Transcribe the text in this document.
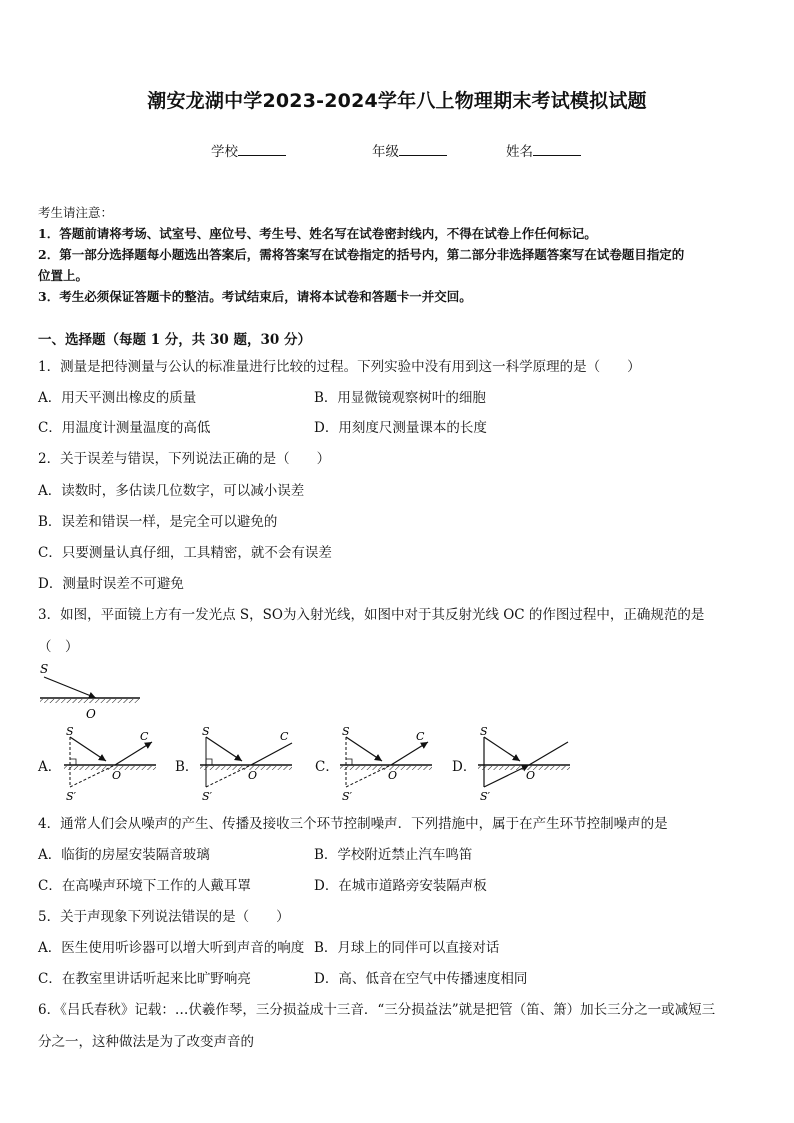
潮安龙湖中学2023-2024学年八上物理期末考试模拟试题
学校	年级	姓名
考生请注意：
1．答题前请将考场、试室号、座位号、考生号、姓名写在试卷密封线内，不得在试卷上作任何标记。
2．第一部分选择题每小题选出答案后，需将答案写在试卷指定的括号内，第二部分非选择题答案写在试卷题目指定的
位置上。
3．考生必须保证答题卡的整洁。考试结束后，请将本试卷和答题卡一并交回。
一、选择题（每题 1 分，共 30 题，30 分）
1．测量是把待测量与公认的标准量进行比较的过程。下列实验中没有用到这一科学原理的是（　　）
A．用天平测出橡皮的质量	B．用显微镜观察树叶的细胞
C．用温度计测量温度的高低	D．用刻度尺测量课本的长度
2．关于误差与错误，下列说法正确的是（　　）
A．读数时，多估读几位数字，可以减小误差
B．误差和错误一样，是完全可以避免的
C．只要测量认真仔细，工具精密，就不会有误差
D．测量时误差不可避免
3．如图，平面镜上方有一发光点 S，SO为入射光线，如图中对于其反射光线 OC 的作图过程中，正确规范的是
（　）
S
O
A．	B．	C．	D．
S	C
O
S′
S	C
O
S′
S	C
O
S′
S
O
S′
4．通常人们会从噪声的产生、传播及接收三个环节控制噪声．下列措施中，属于在产生环节控制噪声的是
A．临街的房屋安装隔音玻璃	B．学校附近禁止汽车鸣笛
C．在高噪声环境下工作的人戴耳罩	D．在城市道路旁安装隔声板
5．关于声现象下列说法错误的是（　　）
A．医生使用听诊器可以增大听到声音的响度 B．月球上的同伴可以直接对话
C．在教室里讲话听起来比旷野响亮	D．高、低音在空气中传播速度相同
6．《吕氏春秋》记载：…伏羲作琴，三分损益成十三音．“三分损益法”就是把管（笛、箫）加长三分之一或减短三
分之一，这种做法是为了改变声音的
